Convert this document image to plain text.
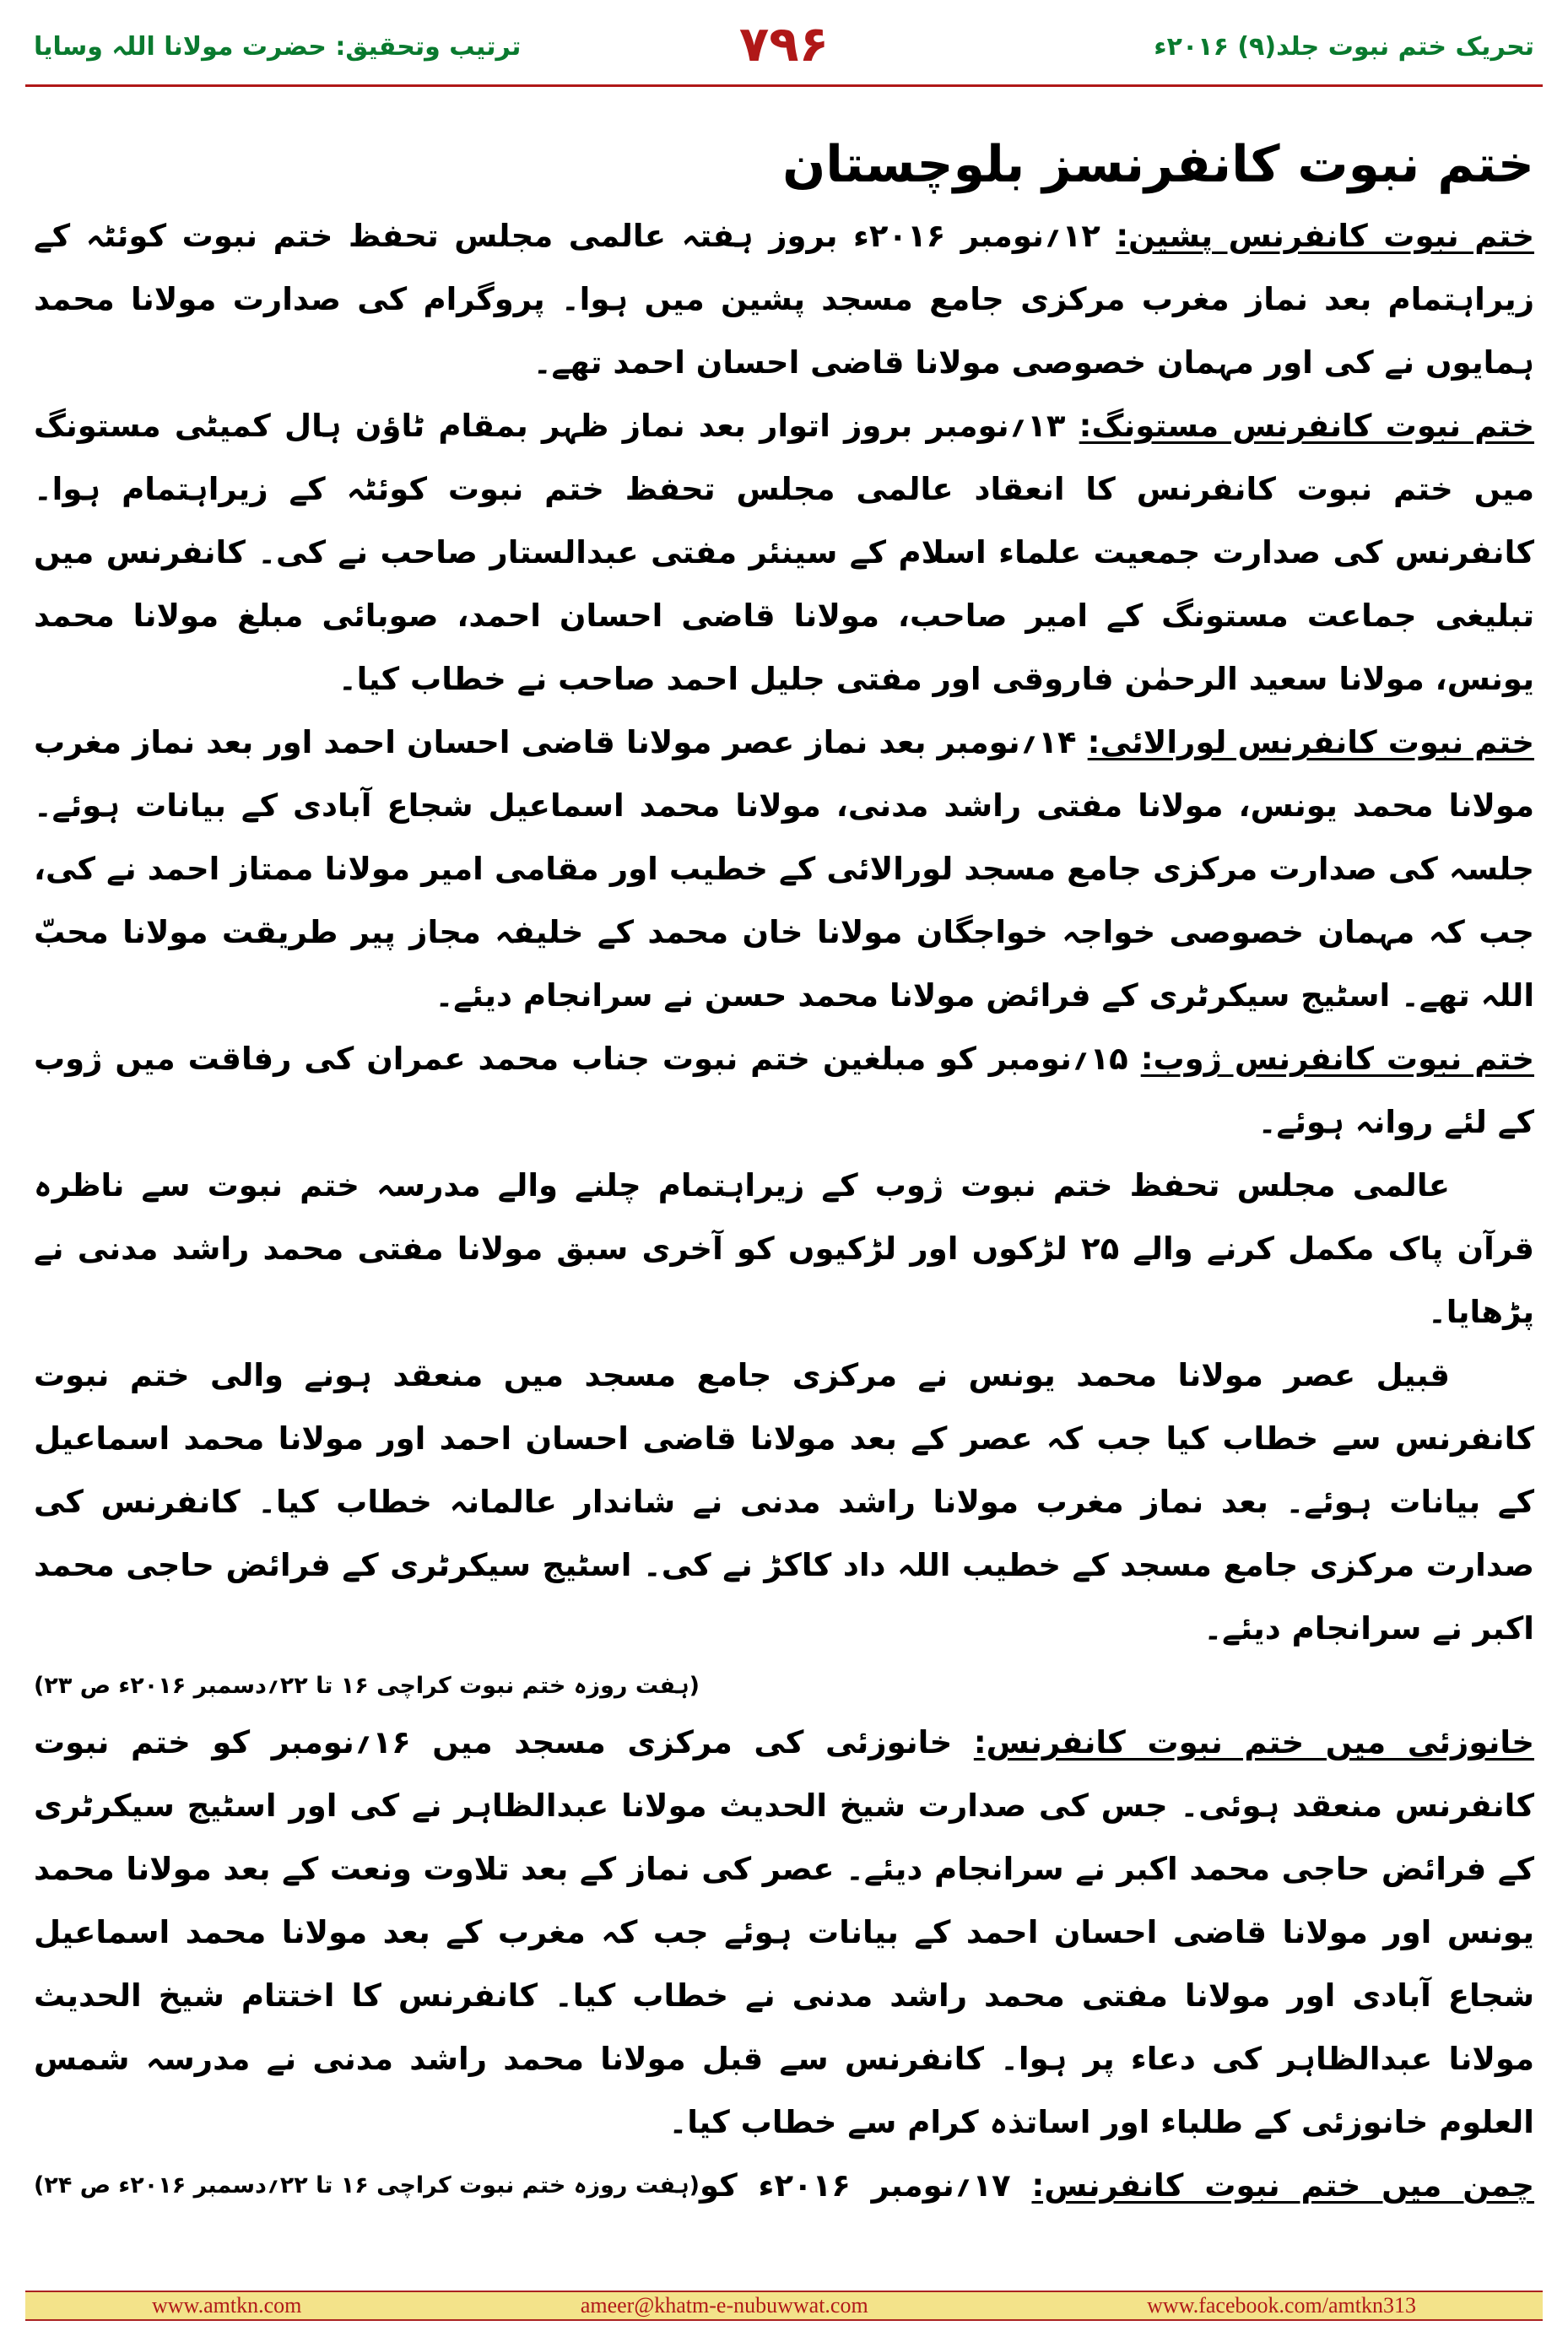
ترتیب وتحقیق: حضرت مولانا اللہ وسایا	۷۹۶	تحریک ختم نبوت جلد(۹) ۲۰۱۶ء
ختم نبوت کانفرنسز بلوچستان

ختم نبوت کانفرنس پشین: ۱۲؍نومبر ۲۰۱۶ء بروز ہفتہ عالمی مجلس تحفظ ختم نبوت کوئٹہ کے زیراہتمام بعد نماز مغرب مرکزی جامع مسجد پشین میں ہوا۔ پروگرام کی صدارت مولانا محمد ہمایوں نے کی اور مہمان خصوصی مولانا قاضی احسان احمد تھے۔

ختم نبوت کانفرنس مستونگ: ۱۳؍نومبر بروز اتوار بعد نماز ظہر بمقام ٹاؤن ہال کمیٹی مستونگ میں ختم نبوت کانفرنس کا انعقاد عالمی مجلس تحفظ ختم نبوت کوئٹہ کے زیراہتمام ہوا۔ کانفرنس کی صدارت جمعیت علماء اسلام کے سینئر مفتی عبدالستار صاحب نے کی۔ کانفرنس میں تبلیغی جماعت مستونگ کے امیر صاحب، مولانا قاضی احسان احمد، صوبائی مبلغ مولانا محمد یونس، مولانا سعید الرحمٰن فاروقی اور مفتی جلیل احمد صاحب نے خطاب کیا۔

ختم نبوت کانفرنس لورالائی: ۱۴؍نومبر بعد نماز عصر مولانا قاضی احسان احمد اور بعد نماز مغرب مولانا محمد یونس، مولانا مفتی راشد مدنی، مولانا محمد اسماعیل شجاع آبادی کے بیانات ہوئے۔ جلسہ کی صدارت مرکزی جامع مسجد لورالائی کے خطیب اور مقامی امیر مولانا ممتاز احمد نے کی، جب کہ مہمان خصوصی خواجہ خواجگان مولانا خان محمد کے خلیفہ مجاز پیر طریقت مولانا محبّ اللہ تھے۔ اسٹیج سیکرٹری کے فرائض مولانا محمد حسن نے سرانجام دیئے۔

ختم نبوت کانفرنس ژوب: ۱۵؍نومبر کو مبلغین ختم نبوت جناب محمد عمران کی رفاقت میں ژوب کے لئے روانہ ہوئے۔

عالمی مجلس تحفظ ختم نبوت ژوب کے زیراہتمام چلنے والے مدرسہ ختم نبوت سے ناظرہ قرآن پاک مکمل کرنے والے ۲۵ لڑکوں اور لڑکیوں کو آخری سبق مولانا مفتی محمد راشد مدنی نے پڑھایا۔

قبیل عصر مولانا محمد یونس نے مرکزی جامع مسجد میں منعقد ہونے والی ختم نبوت کانفرنس سے خطاب کیا جب کہ عصر کے بعد مولانا قاضی احسان احمد اور مولانا محمد اسماعیل کے بیانات ہوئے۔ بعد نماز مغرب مولانا راشد مدنی نے شاندار عالمانہ خطاب کیا۔ کانفرنس کی صدارت مرکزی جامع مسجد کے خطیب اللہ داد کاکڑ نے کی۔ اسٹیج سیکرٹری کے فرائض حاجی محمد اکبر نے سرانجام دیئے۔

(ہفت روزہ ختم نبوت کراچی ۱۶ تا ۲۲؍دسمبر ۲۰۱۶ء ص ۲۳)

خانوزئی میں ختم نبوت کانفرنس: خانوزئی کی مرکزی مسجد میں ۱۶؍نومبر کو ختم نبوت کانفرنس منعقد ہوئی۔ جس کی صدارت شیخ الحدیث مولانا عبدالظاہر نے کی اور اسٹیج سیکرٹری کے فرائض حاجی محمد اکبر نے سرانجام دیئے۔ عصر کی نماز کے بعد تلاوت ونعت کے بعد مولانا محمد یونس اور مولانا قاضی احسان احمد کے بیانات ہوئے جب کہ مغرب کے بعد مولانا محمد اسماعیل شجاع آبادی اور مولانا مفتی محمد راشد مدنی نے خطاب کیا۔ کانفرنس کا اختتام شیخ الحدیث مولانا عبدالظاہر کی دعاء پر ہوا۔ کانفرنس سے قبل مولانا محمد راشد مدنی نے مدرسہ شمس العلوم خانوزئی کے طلباء اور اساتذہ کرام سے خطاب کیا۔
(ہفت روزہ ختم نبوت کراچی ۱۶ تا ۲۲؍دسمبر ۲۰۱۶ء ص ۲۴)	چمن میں ختم نبوت کانفرنس: ۱۷؍نومبر ۲۰۱۶ء کو

www.amtkn.com	ameer@khatm-e-nubuwwat.com	www.facebook.com/amtkn313
